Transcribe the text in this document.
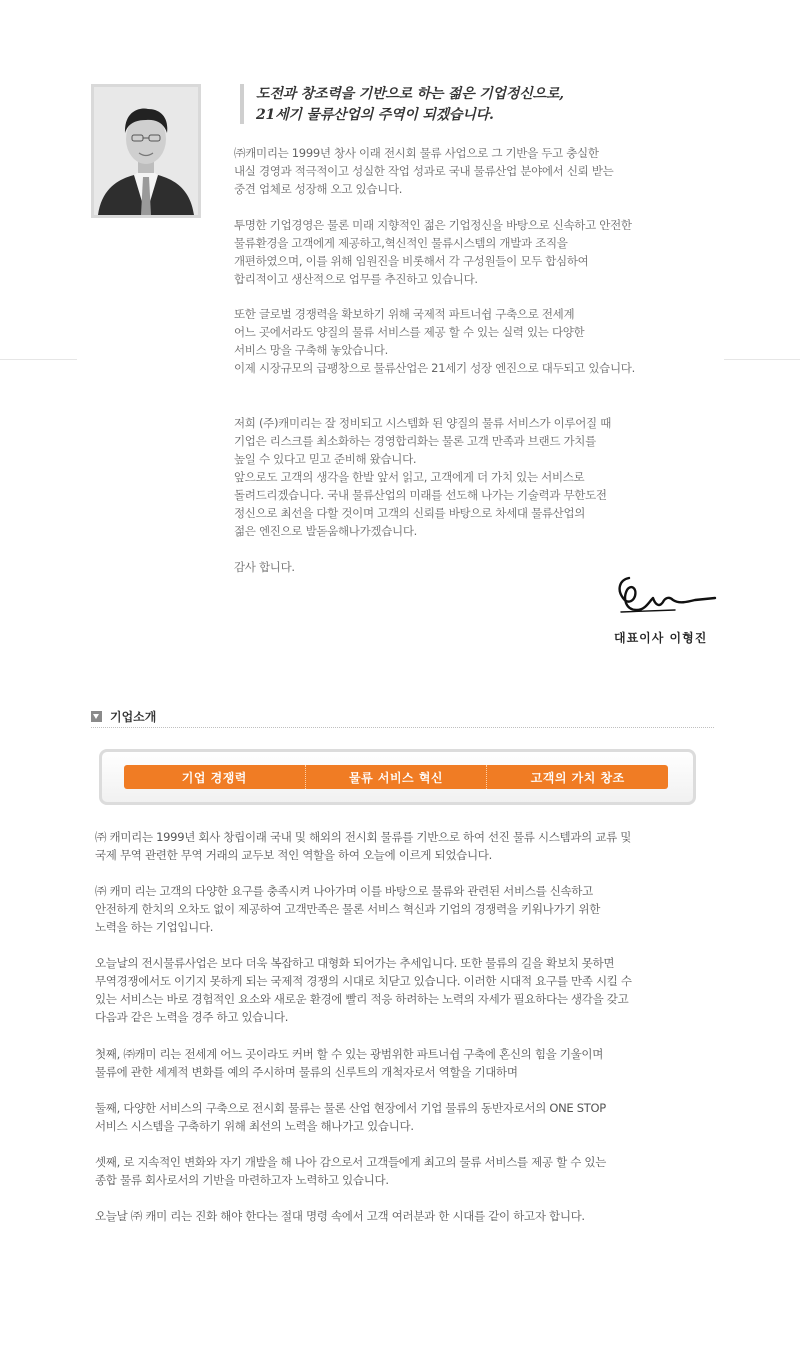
도전과 창조력을 기반으로 하는 젊은 기업정신으로,
21세기 물류산업의 주역이 되겠습니다.
㈜캐미리는 1999년 창사 이래 전시회 물류 사업으로 그 기반을 두고 충실한
내실 경영과 적극적이고 성실한 작업 성과로 국내 물류산업 분야에서 신뢰 받는
중견 업체로 성장해 오고 있습니다.
투명한 기업경영은 물론 미래 지향적인 젊은 기업정신을 바탕으로 신속하고 안전한
물류환경을 고객에게 제공하고,혁신적인 물류시스템의 개발과 조직을
개편하였으며, 이를 위해 임원진을 비롯해서 각 구성원들이 모두 합심하여
합리적이고 생산적으로 업무를 추진하고 있습니다.
또한 글로벌 경쟁력을 확보하기 위해 국제적 파트너쉽 구축으로 전세계
어느 곳에서라도 양질의 물류 서비스를 제공 할 수 있는 실력 있는 다양한
서비스 망을 구축해 놓았습니다.
이제 시장규모의 급팽창으로 물류산업은 21세기 성장 엔진으로 대두되고 있습니다.
저희 (주)캐미리는 잘 정비되고 시스템화 된 양질의 물류 서비스가 이루어질 때
기업은 리스크를 최소화하는 경영합리화는 물론 고객 만족과 브랜드 가치를
높일 수 있다고 믿고 준비해 왔습니다.
앞으로도 고객의 생각을 한발 앞서 읽고, 고객에게 더 가치 있는 서비스로
돌려드리겠습니다. 국내 물류산업의 미래를 선도해 나가는 기술력과 무한도전
정신으로 최선을 다할 것이며 고객의 신뢰를 바탕으로 차세대 물류산업의
젊은 엔진으로 발돋움해나가겠습니다.
감사 합니다.
대표이사 이형진
기업소개
기업 경쟁력	물류 서비스 혁신	고객의 가치 창조
㈜ 캐미리는 1999년 회사 창립이래 국내 및 해외의 전시회 물류를 기반으로 하여 선진 물류 시스템과의 교류 및
국제 무역 관련한 무역 거래의 교두보 적인 역할을 하여 오늘에 이르게 되었습니다.
㈜ 캐미 리는 고객의 다양한 요구를 충족시켜 나아가며 이를 바탕으로 물류와 관련된 서비스를 신속하고
안전하게 한치의 오차도 없이 제공하여 고객만족은 물론 서비스 혁신과 기업의 경쟁력을 키워나가기 위한
노력을 하는 기업입니다.
오늘날의 전시물류사업은 보다 더욱 복잡하고 대형화 되어가는 추세입니다. 또한 물류의 길을 확보치 못하면
무역경쟁에서도 이기지 못하게 되는 국제적 경쟁의 시대로 치닫고 있습니다. 이러한 시대적 요구를 만족 시킬 수
있는 서비스는 바로 경험적인 요소와 새로운 환경에 빨리 적응 하려하는 노력의 자세가 필요하다는 생각을 갖고
다음과 같은 노력을 경주 하고 있습니다.
첫째, ㈜캐미 리는 전세계 어느 곳이라도 커버 할 수 있는 광범위한 파트너쉽 구축에 혼신의 힘을 기울이며
물류에 관한 세계적 변화를 예의 주시하며 물류의 신루트의 개척자로서 역할을 기대하며
둘째, 다양한 서비스의 구축으로 전시회 물류는 물론 산업 현장에서 기업 물류의 동반자로서의 ONE STOP
서비스 시스템을 구축하기 위해 최선의 노력을 해나가고 있습니다.
셋째, 로 지속적인 변화와 자기 개발을 해 나아 감으로서 고객들에게 최고의 물류 서비스를 제공 할 수 있는
종합 물류 회사로서의 기반을 마련하고자 노력하고 있습니다.
오늘날 ㈜ 캐미 리는 진화 해야 한다는 절대 명령 속에서 고객 여러분과 한 시대를 같이 하고자 합니다.
